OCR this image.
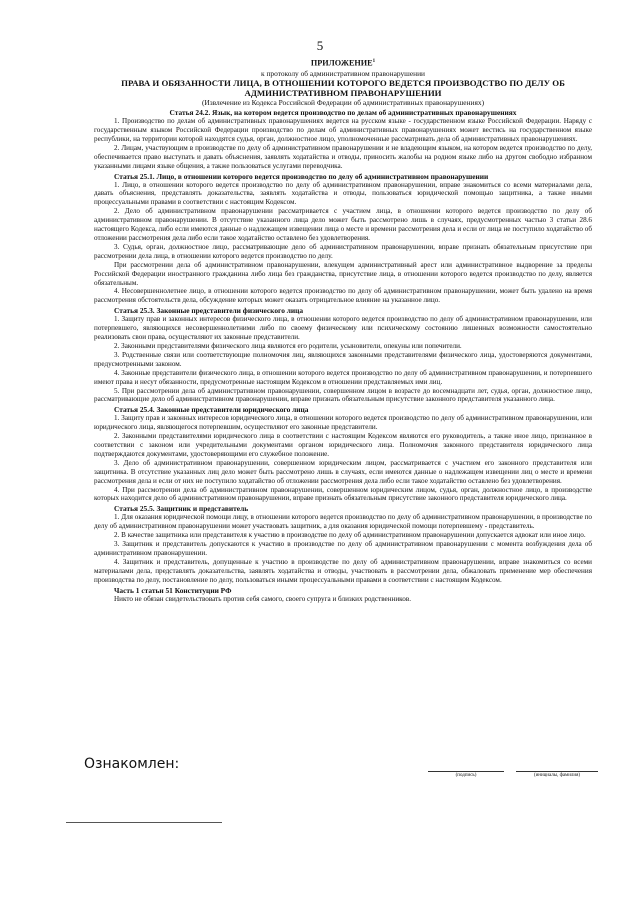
5

ПРИЛОЖЕНИЕ$^1$

к протоколу об административном правонарушении

ПРАВА И ОБЯЗАННОСТИ ЛИЦА, В ОТНОШЕНИИ КОТОРОГО ВЕДЕТСЯ ПРОИЗВОДСТВО ПО ДЕЛУ ОБ АДМИНИСТРАТИВНОМ ПРАВОНАРУШЕНИИ

(Извлечение из Кодекса Российской Федерации об административных правонарушениях)

Статья 24.2. Язык, на котором ведется производство по делам об административных правонарушениях

1. Производство по делам об административных правонарушениях ведется на русском языке - государственном языке Российской Федерации. Наряду с государственным языком Российской Федерации производство по делам об административных правонарушениях может вестись на государственном языке республики, на территории которой находятся судья, орган, должностное лицо, уполномоченные рассматривать дела об административных правонарушениях.

2. Лицам, участвующим в производстве по делу об административном правонарушении и не владеющим языком, на котором ведется производство по делу, обеспечивается право выступать и давать объяснения, заявлять ходатайства и отводы, приносить жалобы на родном языке либо на другом свободно избранном указанными лицами языке общения, а также пользоваться услугами переводчика.

Статья 25.1. Лицо, в отношении которого ведется производство по делу об административном правонарушении

1. Лицо, в отношении которого ведется производство по делу об административном правонарушении, вправе знакомиться со всеми материалами дела, давать объяснения, представлять доказательства, заявлять ходатайства и отводы, пользоваться юридической помощью защитника, а также иными процессуальными правами в соответствии с настоящим Кодексом.

2. Дело об административном правонарушении рассматривается с участием лица, в отношении которого ведется производство по делу об административном правонарушении. В отсутствие указанного лица дело может быть рассмотрено лишь в случаях, предусмотренных частью 3 статьи 28.6 настоящего Кодекса, либо если имеются данные о надлежащем извещении лица о месте и времени рассмотрения дела и если от лица не поступило ходатайство об отложении рассмотрения дела либо если такое ходатайство оставлено без удовлетворения.

3. Судья, орган, должностное лицо, рассматривающие дело об административном правонарушении, вправе признать обязательным присутствие при рассмотрении дела лица, в отношении которого ведется производство по делу.

При рассмотрении дела об административном правонарушении, влекущем административный арест или административное выдворение за пределы Российской Федерации иностранного гражданина либо лица без гражданства, присутствие лица, в отношении которого ведется производство по делу, является обязательным.

4. Несовершеннолетнее лицо, в отношении которого ведется производство по делу об административном правонарушении, может быть удалено на время рассмотрения обстоятельств дела, обсуждение которых может оказать отрицательное влияние на указанное лицо.

Статья 25.3. Законные представители физического лица

1. Защиту прав и законных интересов физического лица, в отношении которого ведется производство по делу об административном правонарушении, или потерпевшего, являющихся несовершеннолетними либо по своему физическому или психическому состоянию лишенных возможности самостоятельно реализовать свои права, осуществляют их законные представители.

2. Законными представителями физического лица являются его родители, усыновители, опекуны или попечители.

3. Родственные связи или соответствующие полномочия лиц, являющихся законными представителями физического лица, удостоверяются документами, предусмотренными законом.

4. Законные представители физического лица, в отношении которого ведется производство по делу об административном правонарушении, и потерпевшего имеют права и несут обязанности, предусмотренные настоящим Кодексом в отношении представляемых ими лиц.

5. При рассмотрении дела об административном правонарушении, совершенном лицом в возрасте до восемнадцати лет, судья, орган, должностное лицо, рассматривающие дело об административном правонарушении, вправе признать обязательным присутствие законного представителя указанного лица.

Статья 25.4. Законные представители юридического лица

1. Защиту прав и законных интересов юридического лица, в отношении которого ведется производство по делу об административном правонарушении, или юридического лица, являющегося потерпевшим, осуществляют его законные представители.

2. Законными представителями юридического лица в соответствии с настоящим Кодексом являются его руководитель, а также иное лицо, признанное в соответствии с законом или учредительными документами органом юридического лица. Полномочия законного представителя юридического лица подтверждаются документами, удостоверяющими его служебное положение.

3. Дело об административном правонарушении, совершенном юридическим лицом, рассматривается с участием его законного представителя или защитника. В отсутствие указанных лиц дело может быть рассмотрено лишь в случаях, если имеются данные о надлежащем извещении лиц о месте и времени рассмотрения дела и если от них не поступило ходатайство об отложении рассмотрения дела либо если такое ходатайство оставлено без удовлетворения.

4. При рассмотрении дела об административном правонарушении, совершенном юридическим лицом, судья, орган, должностное лицо, в производстве которых находится дело об административном правонарушении, вправе признать обязательным присутствие законного представителя юридического лица.

Статья 25.5. Защитник и представитель

1. Для оказания юридической помощи лицу, в отношении которого ведется производство по делу об административном правонарушении, в производстве по делу об административном правонарушении может участвовать защитник, а для оказания юридической помощи потерпевшему - представитель.

2. В качестве защитника или представителя к участию в производстве по делу об административном правонарушении допускается адвокат или иное лицо.

3. Защитник и представитель допускаются к участию в производстве по делу об административном правонарушении с момента возбуждения дела об административном правонарушении.

4. Защитник и представитель, допущенные к участию в производстве по делу об административном правонарушении, вправе знакомиться со всеми материалами дела, представлять доказательства, заявлять ходатайства и отводы, участвовать в рассмотрении дела, обжаловать применение мер обеспечения производства по делу, постановление по делу, пользоваться иными процессуальными правами в соответствии с настоящим Кодексом.

Часть 1 статьи 51 Конституции РФ

Никто не обязан свидетельствовать против себя самого, своего супруга и близких родственников.

Ознакомлен:
(подпись)	(инициалы, фамилия)
